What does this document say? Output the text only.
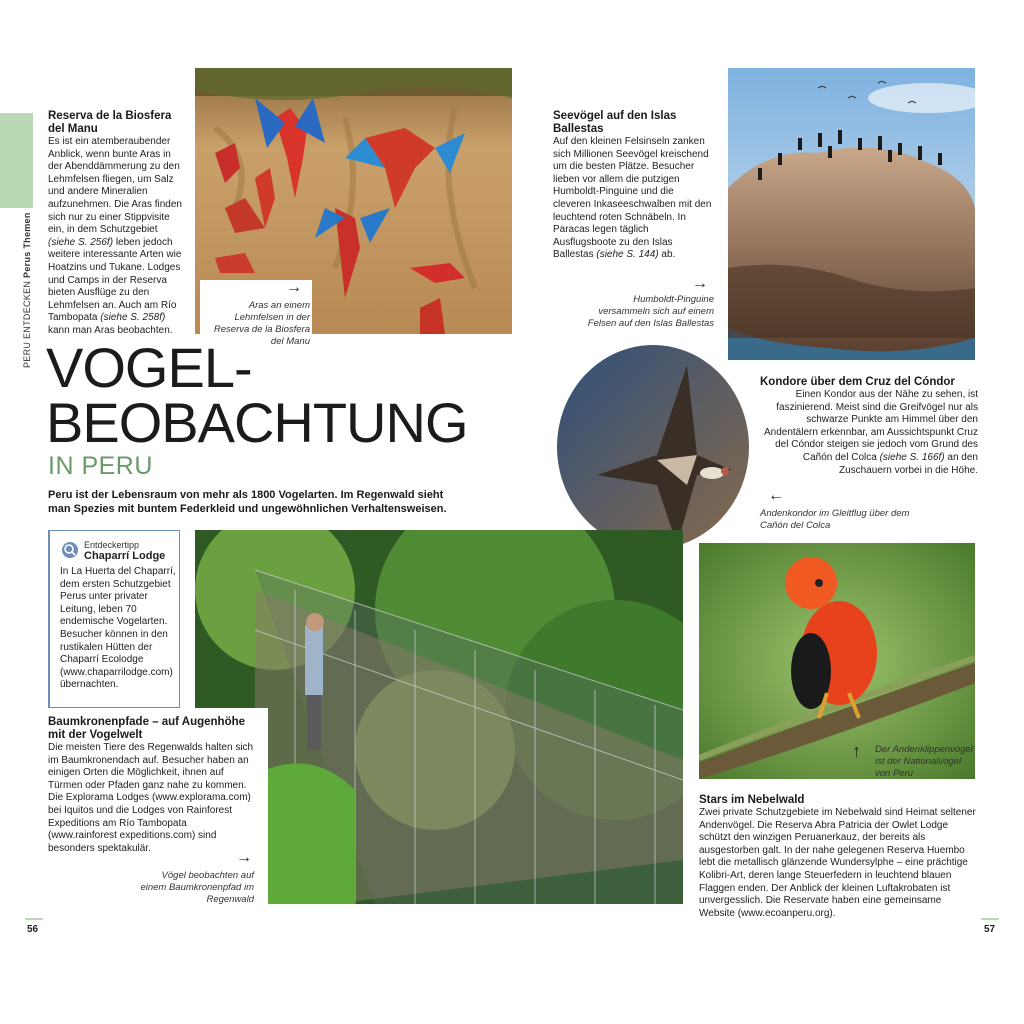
PERU ENTDECKEN Perus Themen
Reserva de la Biosfera del Manu
Es ist ein atemberaubender Anblick, wenn bunte Aras in der Abenddämmerung zu den Lehmfelsen fliegen, um Salz und andere Mineralien aufzunehmen. Die Aras finden sich nur zu einer Stippvisite ein, in dem Schutzgebiet (siehe S. 256f) leben jedoch weitere interessante Arten wie Hoatzins und Tukane. Lodges und Camps in der Reserva bieten Ausflüge zu den Lehmfelsen an. Auch am Río Tambopata (siehe S. 258f) kann man Aras beobachten.
→
Aras an einem Lehmfelsen in der Reserva de la Biosfera del Manu
Seevögel auf den Islas Ballestas
Auf den kleinen Felsinseln zanken sich Millionen Seevögel kreischend um die besten Plätze. Besucher lieben vor allem die putzigen Humboldt-Pinguine und die cleveren Inkaseeschwalben mit den leuchtend roten Schnäbeln. In Paracas legen täglich Ausflugsboote zu den Islas Ballestas (siehe S. 144) ab.
→
Humboldt-Pinguine versammeln sich auf einem Felsen auf den Islas Ballestas
VOGEL-
BEOBACHTUNG
IN PERU
Peru ist der Lebensraum von mehr als 1800 Vogelarten. Im Regenwald sieht man Spezies mit buntem Federkleid und ungewöhnlichen Verhaltensweisen.
Kondore über dem Cruz del Cóndor
Einen Kondor aus der Nähe zu sehen, ist faszinierend. Meist sind die Greifvögel nur als schwarze Punkte am Himmel über den Andentälern erkennbar, am Aussichtspunkt Cruz del Cóndor steigen sie jedoch vom Grund des Cañón del Colca (siehe S. 166f) an den Zuschauern vorbei in die Höhe.
←
Andenkondor im Gleitflug über dem Cañón del Colca
Entdeckertipp
Chaparrí Lodge
In La Huerta del Chaparrí, dem ersten Schutzgebiet Perus unter privater Leitung, leben 70 endemische Vogelarten. Besucher können in den rustikalen Hütten der Chaparrí Ecolodge (www.chaparrilodge.com) übernachten.
Baumkronenpfade – auf Augenhöhe mit der Vogelwelt
Die meisten Tiere des Regenwalds halten sich im Baumkronendach auf. Besucher haben an einigen Orten die Möglichkeit, ihnen auf Türmen oder Pfaden ganz nahe zu kommen. Die Explorama Lodges (www.explorama.com) bei Iquitos und die Lodges von Rainforest Expeditions am Río Tambopata (www.rainforest expeditions.com) sind besonders spektakulär.
→
Vögel beobachten auf einem Baumkronenpfad im Regenwald
↑ Der Andenklippenvogel ist der Nationalvogel von Peru
Stars im Nebelwald
Zwei private Schutzgebiete im Nebelwald sind Heimat seltener Andenvögel. Die Reserva Abra Patricia der Owlet Lodge schützt den winzigen Peruanerkauz, der bereits als ausgestorben galt. In der nahe gelegenen Reserva Huembo lebt die metallisch glänzende Wundersylphe – eine prächtige Kolibri-Art, deren lange Steuerfedern in leuchtend blauen Flaggen enden. Der Anblick der kleinen Luftakrobaten ist unvergesslich. Die Reservate haben eine gemeinsame Website (www.ecoanperu.org).
56	57
